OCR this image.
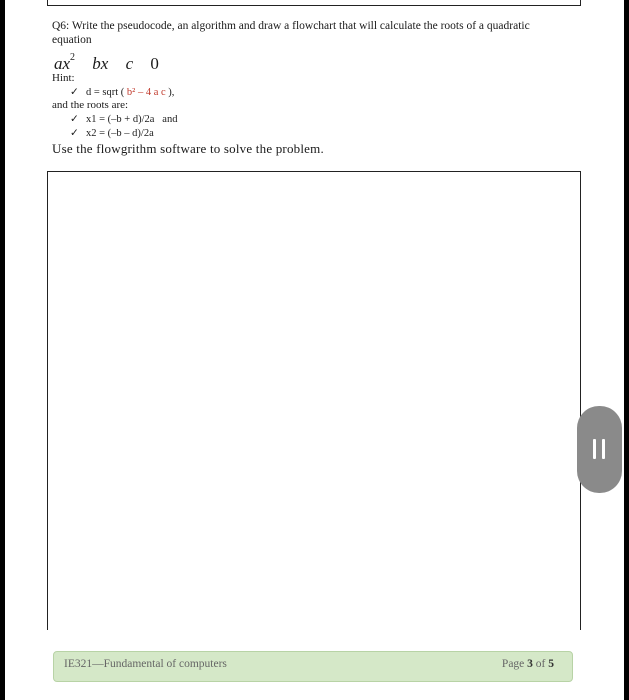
Q6: Write the pseudocode, an algorithm and draw a flowchart that will calculate the roots of a quadratic equation
$ax^2$ bx c 0
Hint:
✓ d = sqrt ( b² – 4 a c ),
and the roots are:
✓ x1 = (–b + d)/2a   and
✓ x2 = (–b – d)/2a
Use the flowgrithm software to solve the problem.
IE321—Fundamental of computers	Page 3 of 5
